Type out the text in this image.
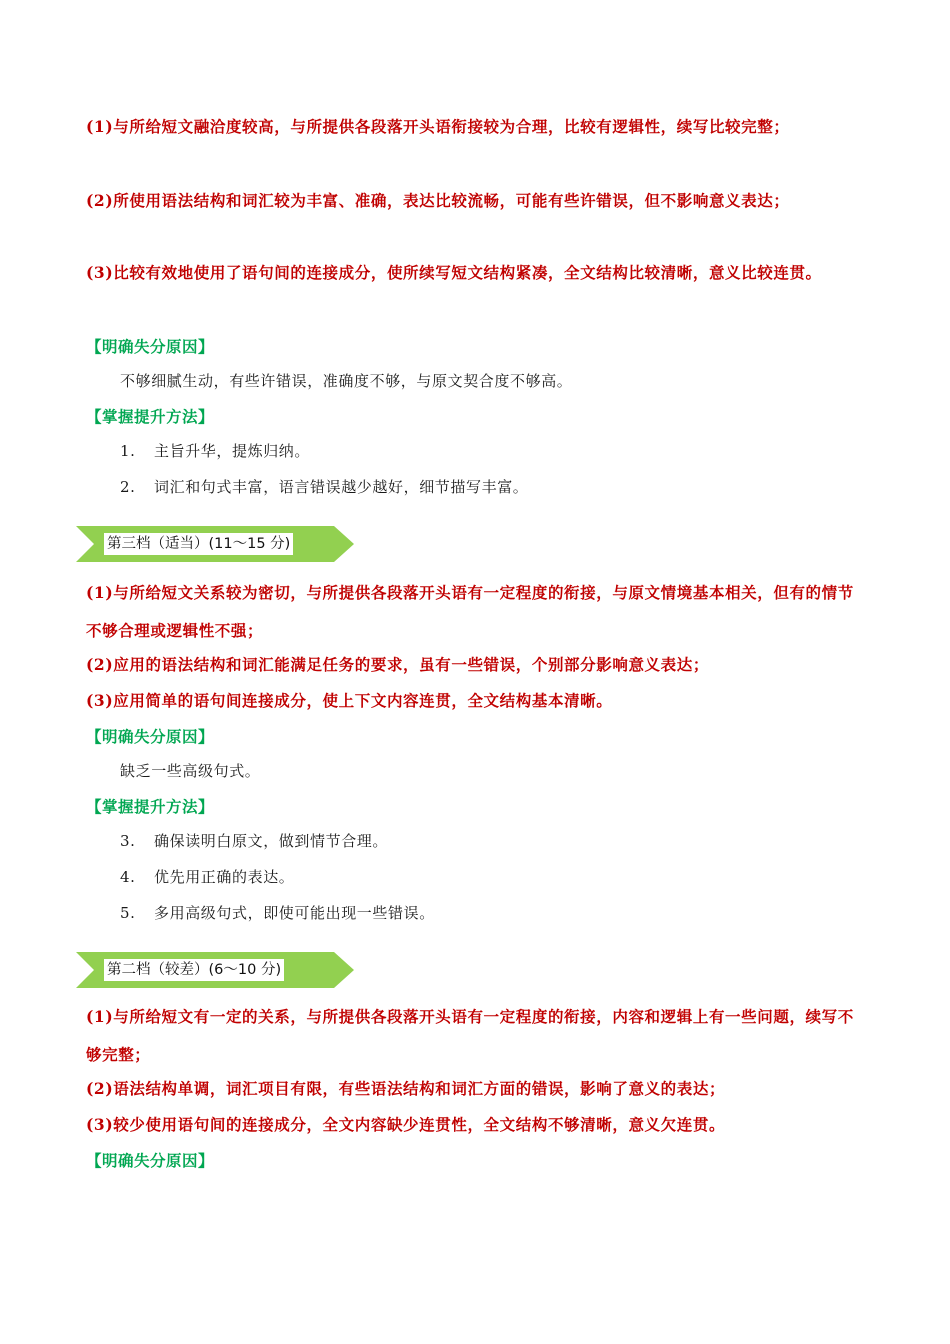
(1)与所给短文融洽度较高，与所提供各段落开头语衔接较为合理，比较有逻辑性，续写比较完整；
(2)所使用语法结构和词汇较为丰富、准确，表达比较流畅，可能有些许错误，但不影响意义表达；
(3)比较有效地使用了语句间的连接成分，使所续写短文结构紧凑，全文结构比较清晰，意义比较连贯。
【明确失分原因】
不够细腻生动，有些许错误，准确度不够，与原文契合度不够高。
【掌握提升方法】
1. 主旨升华，提炼归纳。
2. 词汇和句式丰富，语言错误越少越好，细节描写丰富。
第三档（适当）(11～15 分)
(1)与所给短文关系较为密切，与所提供各段落开头语有一定程度的衔接，与原文情境基本相关，但有的情节不够合理或逻辑性不强；
(2)应用的语法结构和词汇能满足任务的要求，虽有一些错误，个别部分影响意义表达；
(3)应用简单的语句间连接成分，使上下文内容连贯，全文结构基本清晰。
【明确失分原因】
缺乏一些高级句式。
【掌握提升方法】
3. 确保读明白原文，做到情节合理。
4. 优先用正确的表达。
5. 多用高级句式，即使可能出现一些错误。
第二档（较差）(6～10 分)
(1)与所给短文有一定的关系，与所提供各段落开头语有一定程度的衔接，内容和逻辑上有一些问题，续写不够完整；
(2)语法结构单调，词汇项目有限，有些语法结构和词汇方面的错误，影响了意义的表达；
(3)较少使用语句间的连接成分，全文内容缺少连贯性，全文结构不够清晰，意义欠连贯。
【明确失分原因】
